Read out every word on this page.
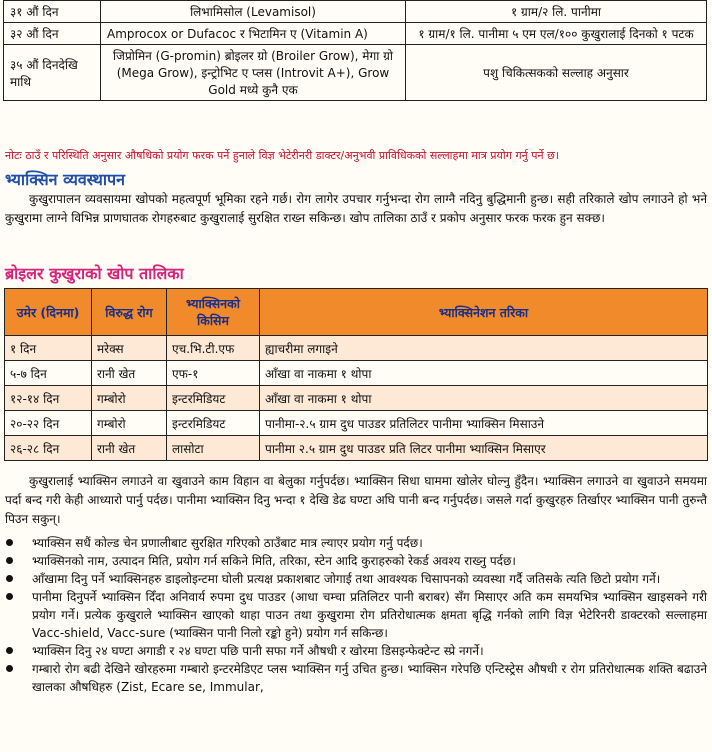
३१ औं दिन	लिभामिसोल (Levamisol)	१ ग्राम/२ लि. पानीमा
३२ औं दिन	Amprocox or Dufacoc र भिटामिन ए (Vitamin A)	१ ग्राम/१ लि. पानीमा ५ एम एल/१०० कुखुरालाई दिनको १ पटक
३५ औं दिनदेखि माथि	जिप्रोमिन (G-promin) ब्रोइलर ग्रो (Broiler Grow), मेगा ग्रो (Mega Grow), इन्ट्रोभिट ए प्लस (Introvit A+), Grow Gold मध्ये कुनै एक	पशु चिकित्सकको सल्लाह अनुसार
नोटः ठाउँ र परिस्थिति अनुसार औषधिको प्रयोग फरक पर्ने हुनाले विज्ञ भेटेरीनरी डाक्टर/अनुभवी प्राविधिकको सल्लाहमा मात्र प्रयोग गर्नु पर्ने छ।
भ्याक्सिन व्यवस्थापन
कुखुरापालन व्यवसायमा खोपको महत्वपूर्ण भूमिका रहने गर्छ। रोग लागेर उपचार गर्नुभन्दा रोग लाग्नै नदिनु बुद्धिमानी हुन्छ। सही तरिकाले खोप लगाउने हो भने कुखुरामा लाग्ने विभिन्न प्राणघातक रोगहरुबाट कुखुरालाई सुरक्षित राख्न सकिन्छ। खोप तालिका ठाउँ र प्रकोप अनुसार फरक फरक हुन सक्छ।
ब्रोइलर कुखुराको खोप तालिका
उमेर (दिनमा)	विरुद्ध रोग	भ्याक्सिनको किसिम	भ्याक्सिनेशन तरिका
१ दिन	मरेक्स	एच.भि.टी.एफ	ह्याचरीमा लगाइने
५-७ दिन	रानी खेत	एफ-१	आँखा वा नाकमा १ थोपा
१२-१४ दिन	गम्बोरो	इन्टरमिडियट	आँखा वा नाकमा १ थोपा
२०-२२ दिन	गम्बोरो	इन्टरमिडियट	पानीमा-२.५ ग्राम दुध पाउडर प्रतिलिटर पानीमा भ्याक्सिन मिसाउने
२६-२८ दिन	रानी खेत	लासोटा	पानीमा २.५ ग्राम दुध पाउडर प्रति लिटर पानीमा भ्याक्सिन मिसाएर
कुखुरालाई भ्याक्सिन लगाउने वा खुवाउने काम विहान वा बेलुका गर्नुपर्दछ। भ्याक्सिन सिधा घाममा खोलेर घोल्नु हुँदैन। भ्याक्सिन लगाउने वा खुवाउने समयमा पर्दा बन्द गरी केही आध्यारो पार्नु पर्दछ। पानीमा भ्याक्सिन दिनु भन्दा १ देखि डेढ घण्टा अघि पानी बन्द गर्नुपर्दछ। जसले गर्दा कुखुरहरु तिर्खाएर भ्याक्सिन पानी तुरुन्तै पिउन सकुन्।
भ्याक्सिन सधैं कोल्ड चेन प्रणालीबाट सुरक्षित गरिएको ठाउँबाट मात्र ल्याएर प्रयोग गर्नु पर्दछ।
भ्याक्सिनको नाम, उत्पादन मिति, प्रयोग गर्न सकिने मिति, तरिका, स्टेन आदि कुराहरुको रेकर्ड अवश्य राख्नु पर्दछ।
आँखामा दिनु पर्ने भ्याक्सिनहरु डाइलोइन्टमा घोली प्रत्यक्ष प्रकाशबाट जोगाई तथा आवश्यक चिसापनको व्यवस्था गर्दै जतिसके त्यति छिटो प्रयोग गर्ने।
पानीमा दिनुपर्ने भ्याक्सिन दिँदा अनिवार्य रुपमा दुध पाउडर (आधा चम्चा प्रतिलिटर पानी बराबर) सँग मिसाएर अति कम समयभित्र भ्याक्सिन खाइसक्ने गरी प्रयोग गर्ने। प्रत्येक कुखुराले भ्याक्सिन खाएको थाहा पाउन तथा कुखुरामा रोग प्रतिरोधात्मक क्षमता बृद्धि गर्नको लागि विज्ञ भेटेरिनरी डाक्टरको सल्लाहमा Vacc-shield, Vacc-sure (भ्याक्सिन पानी निलो रङ्को हुने) प्रयोग गर्न सकिन्छ।
भ्याक्सिन दिनु २४ घण्टा अगाडी र २४ घण्टा पछि पानी सफा गर्ने औषधी र खोरमा डिसइन्फेक्टेन्ट स्प्रे नगर्ने।
गम्बारो रोग बढी देखिने खोरहरुमा गम्बारो इन्टरमेडिएट प्लस भ्याक्सिन गर्नु उचित हुन्छ। भ्याक्सिन गरेपछि एन्टिस्ट्रेस औषधी र रोग प्रतिरोधात्मक शक्ति बढाउने खालका औषधिहरु (Zist, Ecare se, Immular,
